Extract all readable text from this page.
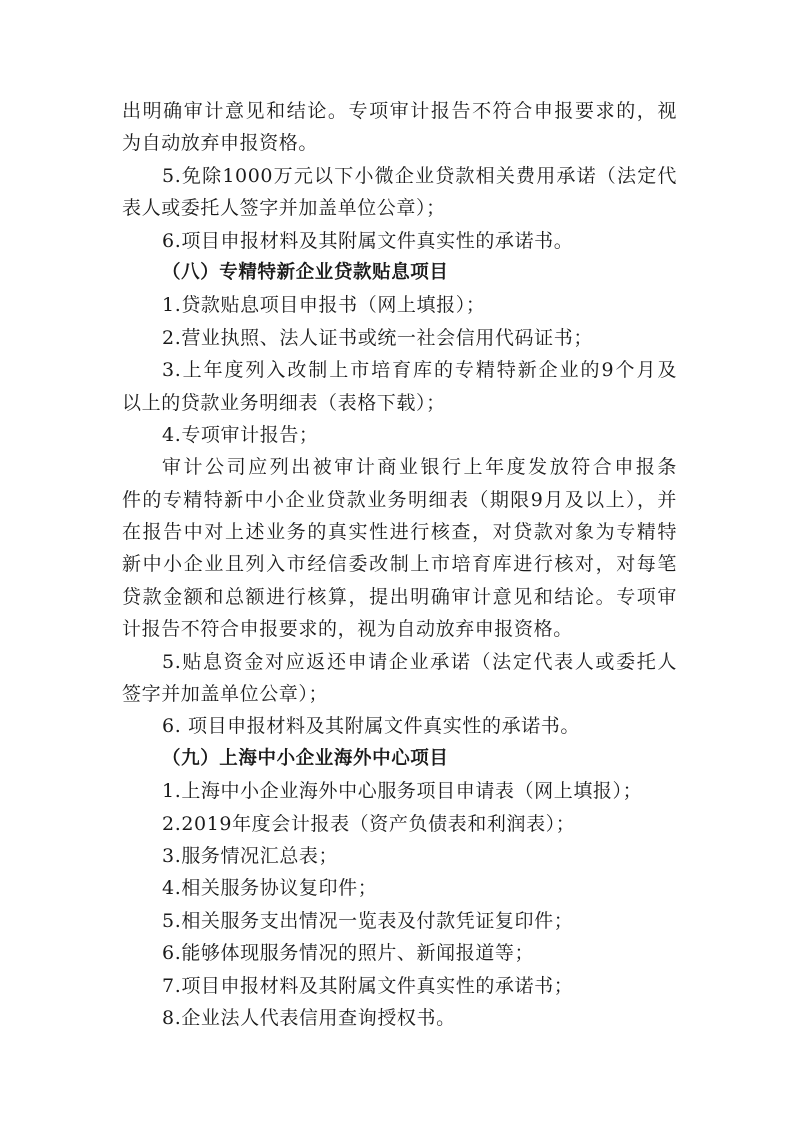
出明确审计意见和结论。专项审计报告不符合申报要求的，视
为自动放弃申报资格。
5.免除1000万元以下小微企业贷款相关费用承诺（法定代
表人或委托人签字并加盖单位公章）；
6.项目申报材料及其附属文件真实性的承诺书。
（八）专精特新企业贷款贴息项目
1.贷款贴息项目申报书（网上填报）；
2.营业执照、法人证书或统一社会信用代码证书；
3.上年度列入改制上市培育库的专精特新企业的9个月及
以上的贷款业务明细表（表格下载）；
4.专项审计报告；
审计公司应列出被审计商业银行上年度发放符合申报条
件的专精特新中小企业贷款业务明细表（期限9月及以上），并
在报告中对上述业务的真实性进行核查，对贷款对象为专精特
新中小企业且列入市经信委改制上市培育库进行核对，对每笔
贷款金额和总额进行核算，提出明确审计意见和结论。专项审
计报告不符合申报要求的，视为自动放弃申报资格。
5.贴息资金对应返还申请企业承诺（法定代表人或委托人
签字并加盖单位公章）；
6. 项目申报材料及其附属文件真实性的承诺书。
（九）上海中小企业海外中心项目
1.上海中小企业海外中心服务项目申请表（网上填报）；
2.2019年度会计报表（资产负债表和利润表）；
3.服务情况汇总表；
4.相关服务协议复印件；
5.相关服务支出情况一览表及付款凭证复印件；
6.能够体现服务情况的照片、新闻报道等；
7.项目申报材料及其附属文件真实性的承诺书；
8.企业法人代表信用查询授权书。
